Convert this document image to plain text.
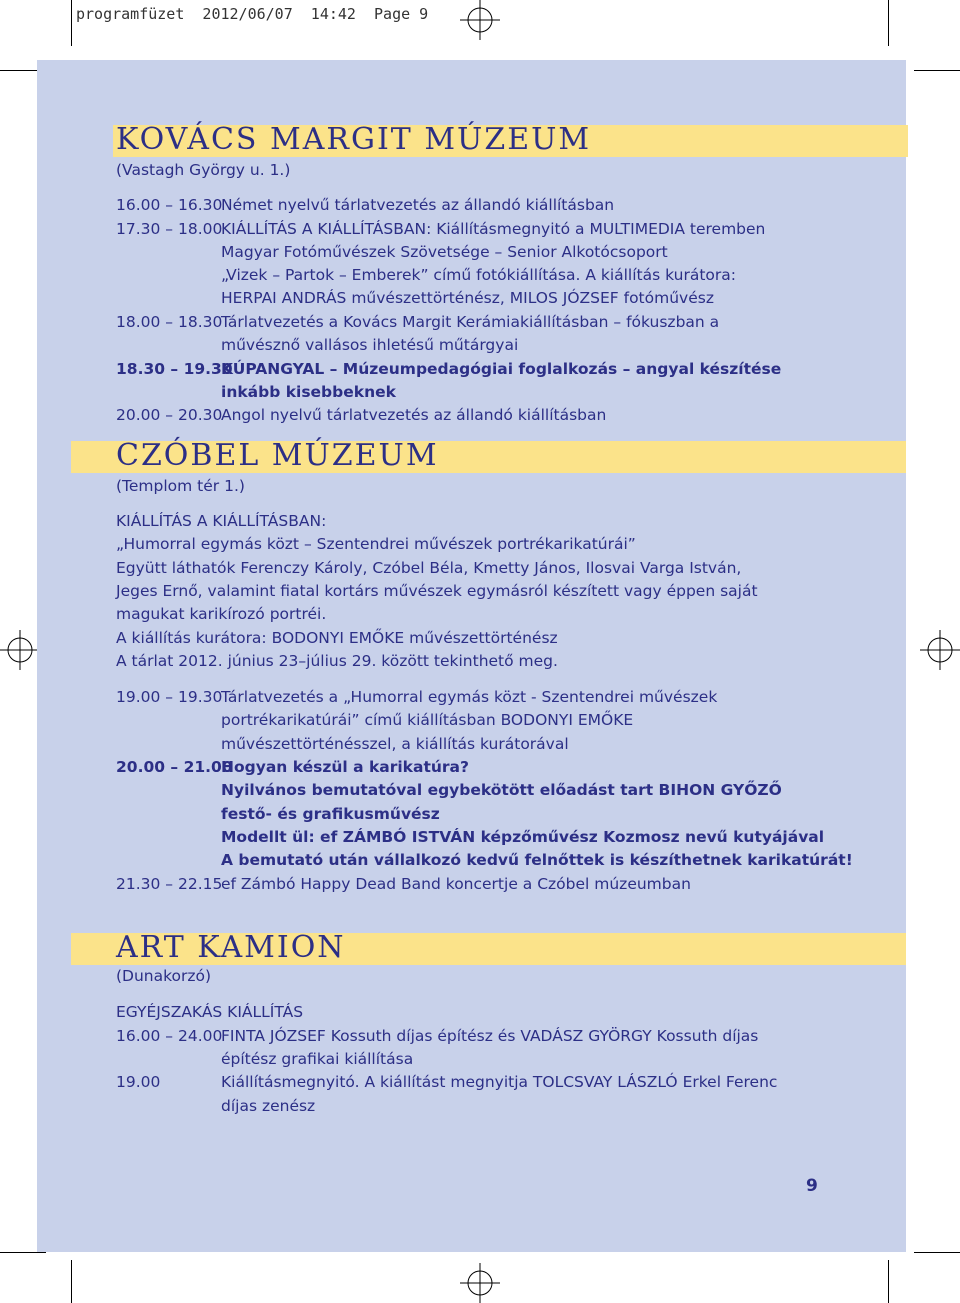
programfüzet  2012/06/07  14:42  Page 9
KOVÁCS MARGIT MÚZEUM
(Vastagh György u. 1.)
16.00 – 16.30
Német nyelvű tárlatvezetés az állandó kiállításban
17.30 – 18.00
KIÁLLÍTÁS A KIÁLLÍTÁSBAN: Kiállításmegnyitó a MULTIMEDIA teremben
Magyar Fotóművészek Szövetsége – Senior Alkotócsoport
„Vizek – Partok – Emberek” című fotókiállítása. A kiállítás kurátora:
HERPAI ANDRÁS művészettörténész, MILOS JÓZSEF fotóművész
18.00 – 18.30
Tárlatvezetés a Kovács Margit Kerámiakiállításban – fókuszban a
művésznő vallásos ihletésű műtárgyai
18.30 – 19.30
KÚPANGYAL – Múzeumpedagógiai foglalkozás – angyal készítése
inkább kisebbeknek
20.00 – 20.30
Angol nyelvű tárlatvezetés az állandó kiállításban
CZÓBEL MÚZEUM
(Templom tér 1.)
KIÁLLÍTÁS A KIÁLLÍTÁSBAN:
„Humorral egymás közt – Szentendrei művészek portrékarikatúrái”
Együtt láthatók Ferenczy Károly, Czóbel Béla, Kmetty János, Ilosvai Varga István,
Jeges Ernő, valamint fiatal kortárs művészek egymásról készített vagy éppen saját
magukat karikírozó portréi.
A kiállítás kurátora: BODONYI EMŐKE művészettörténész
A tárlat 2012. június 23–július 29. között tekinthető meg.
19.00 – 19.30
Tárlatvezetés a „Humorral egymás közt - Szentendrei művészek
portrékarikatúrái” című kiállításban BODONYI EMŐKE
művészettörténésszel, a kiállítás kurátorával
20.00 – 21.00
Hogyan készül a karikatúra?
Nyilvános bemutatóval egybekötött előadást tart BIHON GYŐZŐ
festő- és grafikusművész
Modellt ül: ef ZÁMBÓ ISTVÁN képzőművész Kozmosz nevű kutyájával
A bemutató után vállalkozó kedvű felnőttek is készíthetnek karikatúrát!
21.30 – 22.15
ef Zámbó Happy Dead Band koncertje a Czóbel múzeumban
ART KAMION
(Dunakorzó)
EGYÉJSZAKÁS KIÁLLÍTÁS
16.00 – 24.00
FINTA JÓZSEF Kossuth díjas építész és VADÁSZ GYÖRGY Kossuth díjas
építész grafikai kiállítása
19.00	Kiállításmegnyitó. A kiállítást megnyitja TOLCSVAY LÁSZLÓ Erkel Ferenc
díjas zenész
9
